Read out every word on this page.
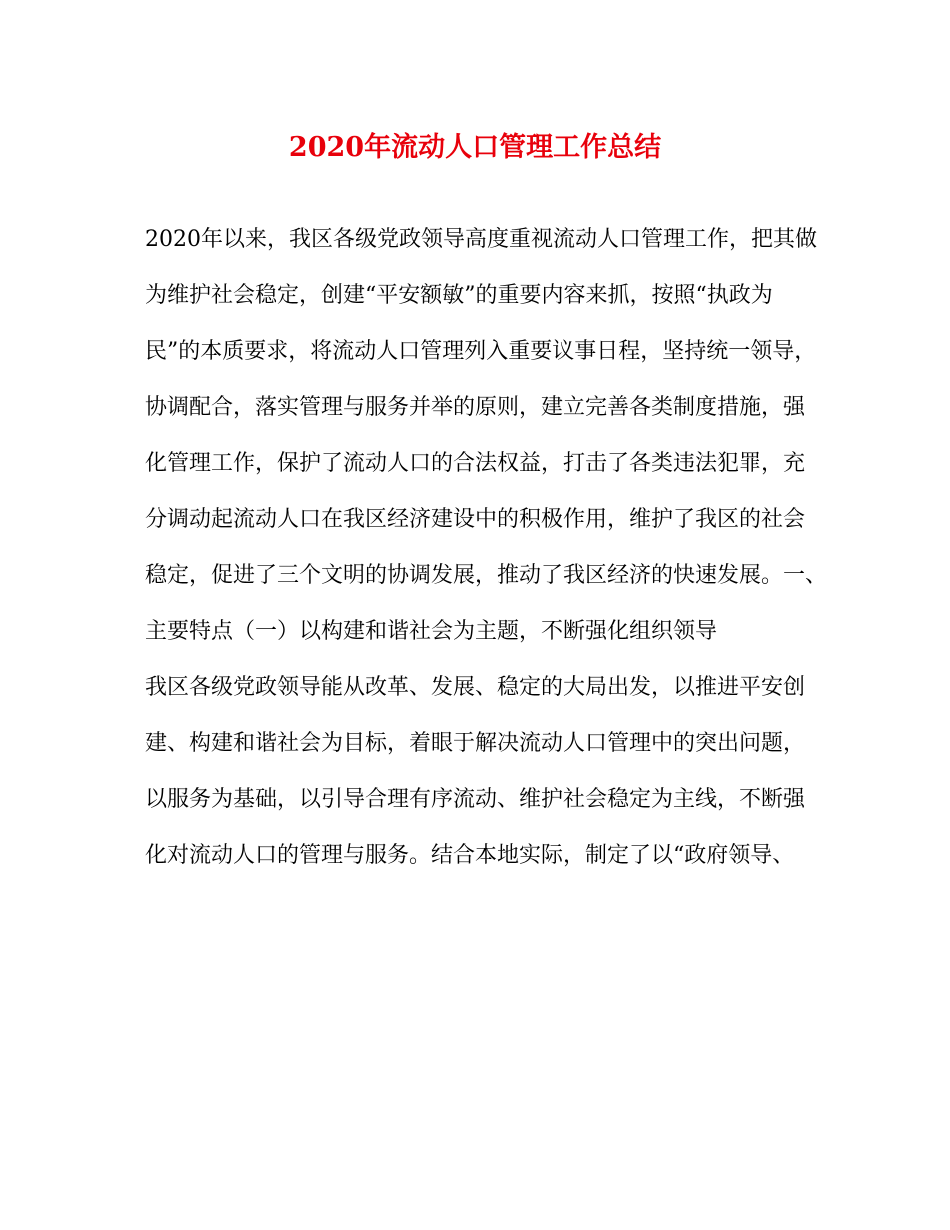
2020年流动人口管理工作总结
2020年以来，我区各级党政领导高度重视流动人口管理工作，把其做
为维护社会稳定，创建“平安额敏”的重要内容来抓，按照“执政为
民”的本质要求，将流动人口管理列入重要议事日程，坚持统一领导，
协调配合，落实管理与服务并举的原则，建立完善各类制度措施，强
化管理工作，保护了流动人口的合法权益，打击了各类违法犯罪，充
分调动起流动人口在我区经济建设中的积极作用，维护了我区的社会
稳定，促进了三个文明的协调发展，推动了我区经济的快速发展。一、
主要特点（一）以构建和谐社会为主题，不断强化组织领导
我区各级党政领导能从改革、发展、稳定的大局出发，以推进平安创
建、构建和谐社会为目标，着眼于解决流动人口管理中的突出问题，
以服务为基础，以引导合理有序流动、维护社会稳定为主线，不断强
化对流动人口的管理与服务。结合本地实际，制定了以“政府领导、
